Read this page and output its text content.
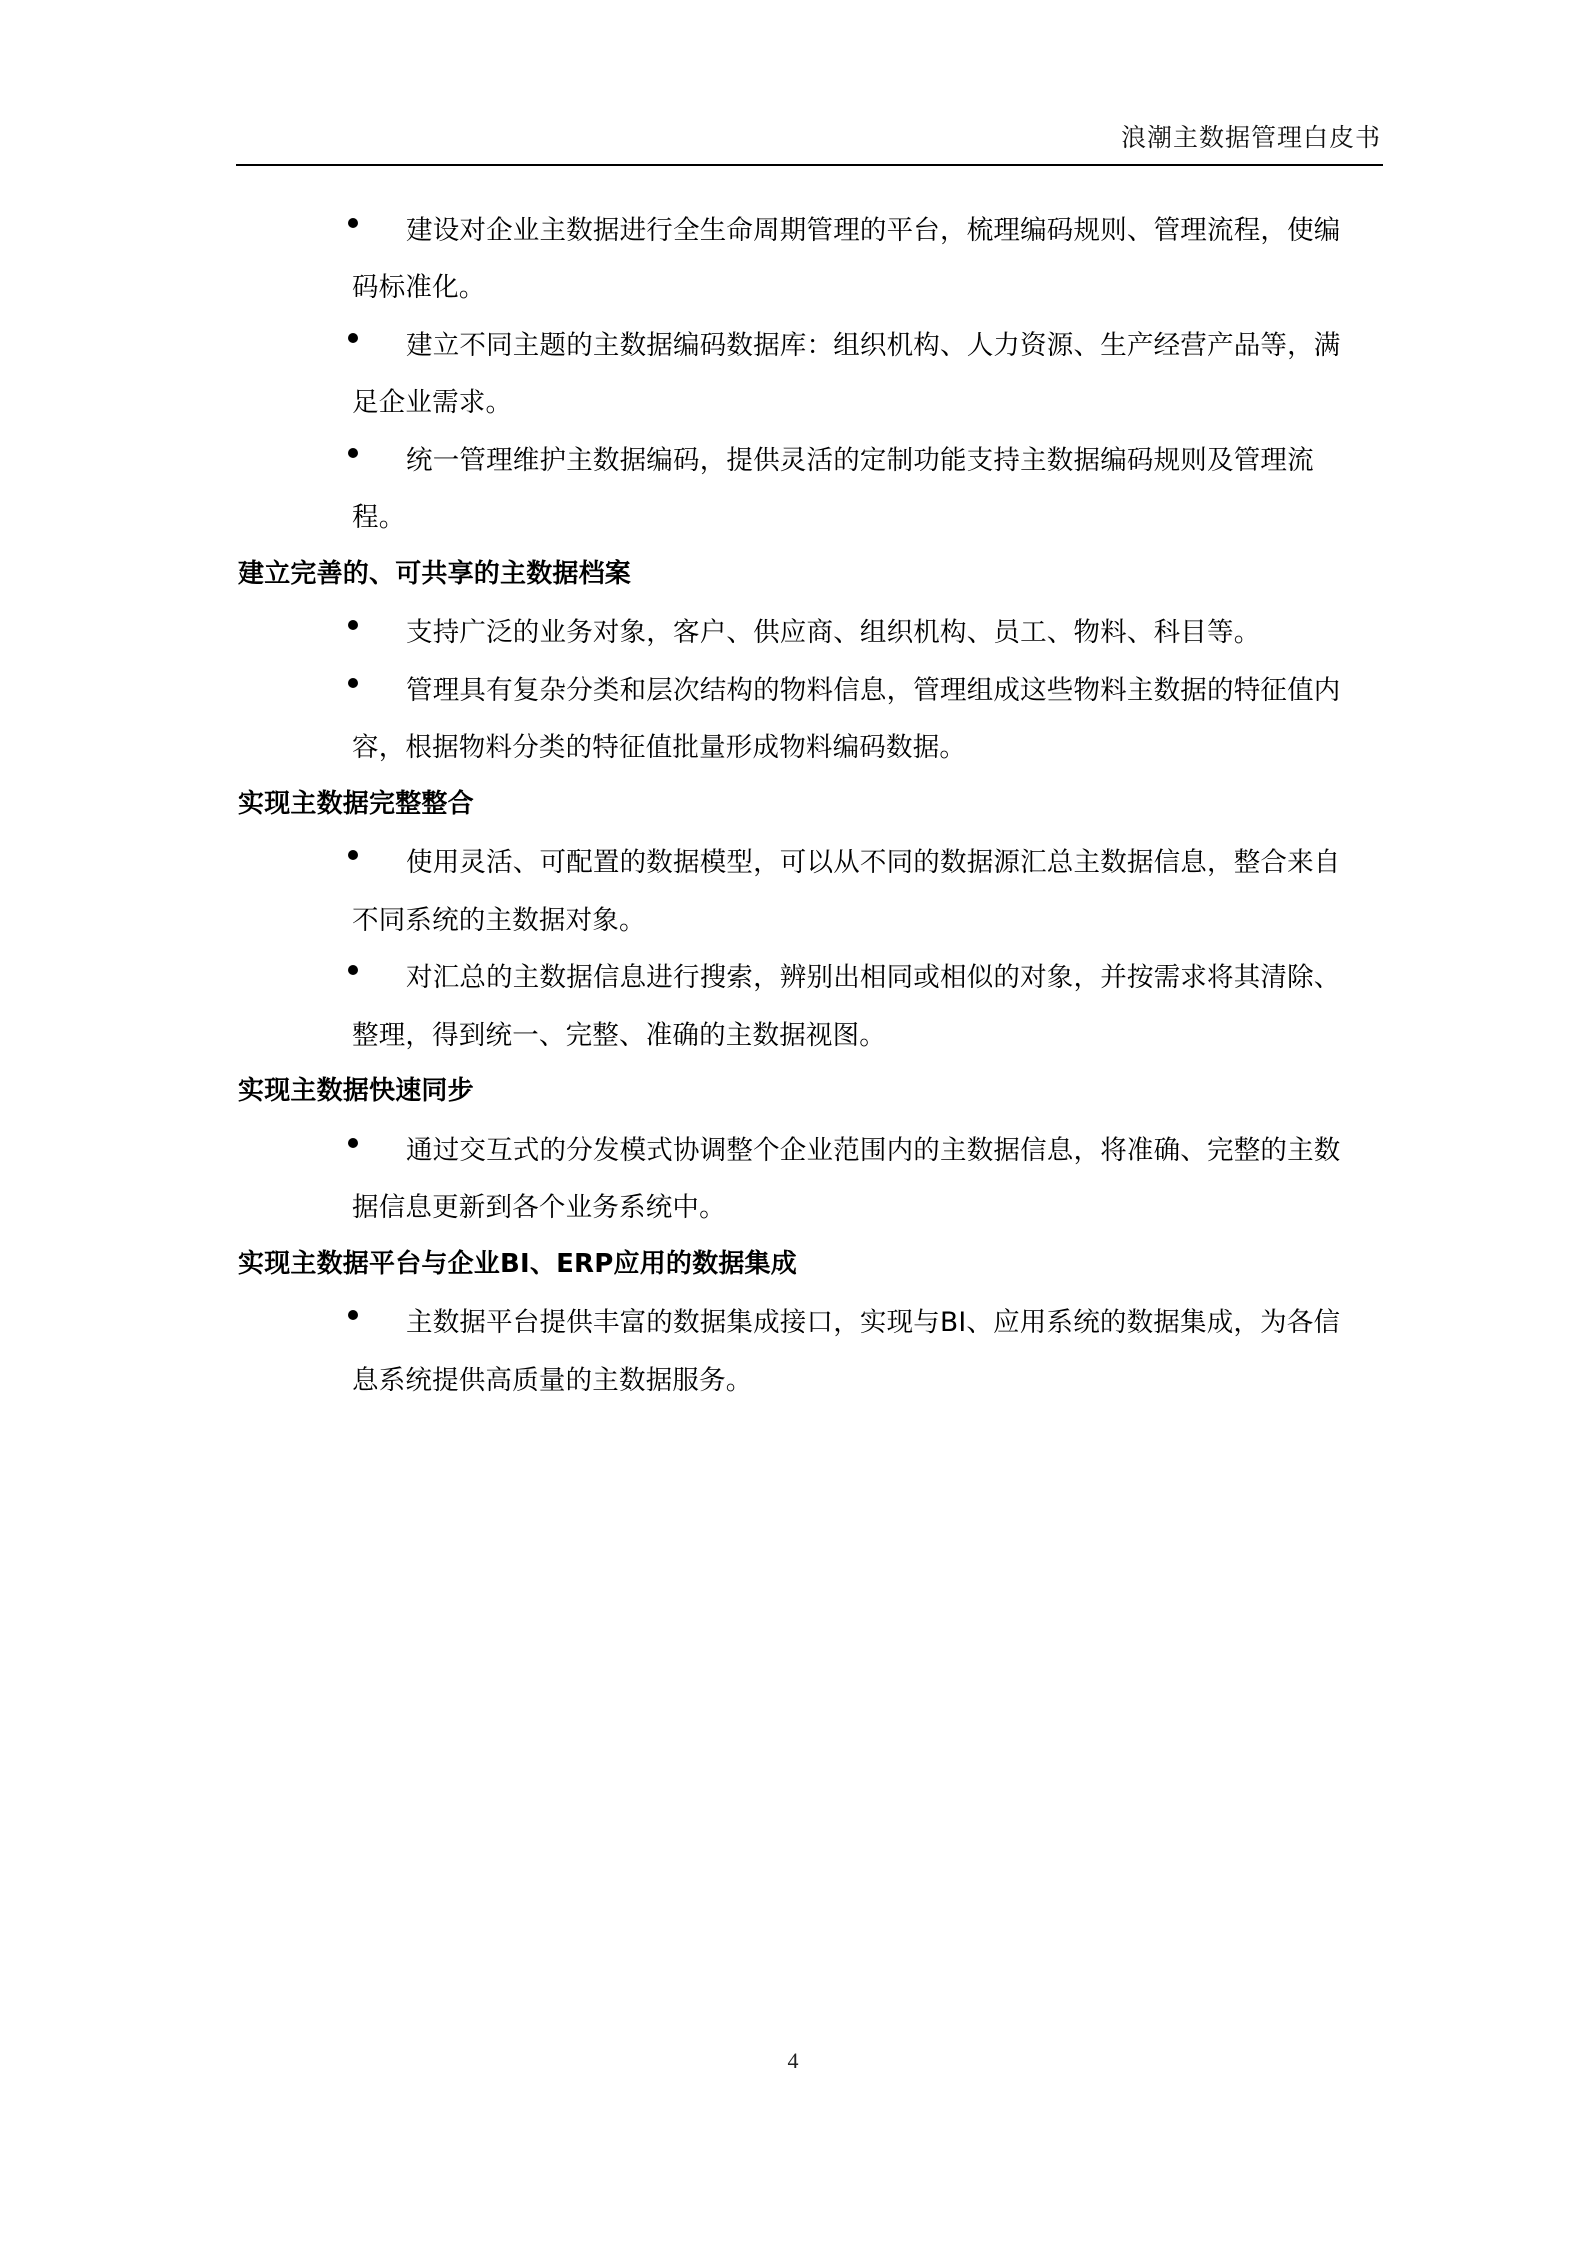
浪潮主数据管理白皮书
建设对企业主数据进行全生命周期管理的平台，梳理编码规则、管理流程，使编
码标准化。
建立不同主题的主数据编码数据库：组织机构、人力资源、生产经营产品等，满
足企业需求。
统一管理维护主数据编码，提供灵活的定制功能支持主数据编码规则及管理流
程。
建立完善的、可共享的主数据档案
支持广泛的业务对象，客户、供应商、组织机构、员工、物料、科目等。
管理具有复杂分类和层次结构的物料信息，管理组成这些物料主数据的特征值内
容，根据物料分类的特征值批量形成物料编码数据。
实现主数据完整整合
使用灵活、可配置的数据模型，可以从不同的数据源汇总主数据信息，整合来自
不同系统的主数据对象。
对汇总的主数据信息进行搜索，辨别出相同或相似的对象，并按需求将其清除、
整理，得到统一、完整、准确的主数据视图。
实现主数据快速同步
通过交互式的分发模式协调整个企业范围内的主数据信息，将准确、完整的主数
据信息更新到各个业务系统中。
实现主数据平台与企业BI、ERP应用的数据集成
主数据平台提供丰富的数据集成接口，实现与BI、应用系统的数据集成，为各信
息系统提供高质量的主数据服务。
4
